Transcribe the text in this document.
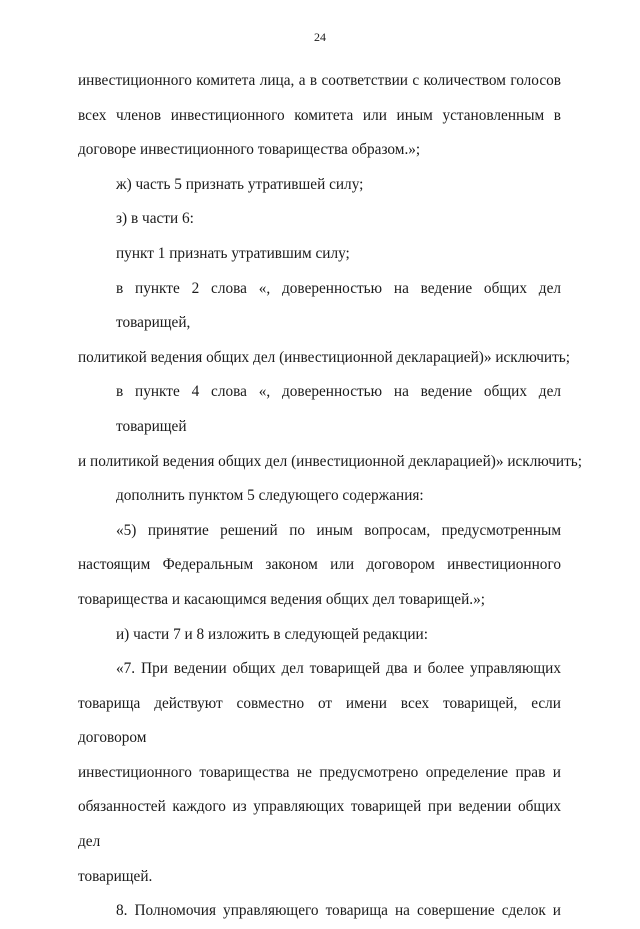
24
инвестиционного комитета лица, а в соответствии с количеством голосов
всех членов инвестиционного комитета или иным установленным в
договоре инвестиционного товарищества образом.»;
ж) часть 5 признать утратившей силу;
з) в части 6:
пункт 1 признать утратившим силу;
в пункте 2 слова «, доверенностью на ведение общих дел товарищей,
политикой ведения общих дел (инвестиционной декларацией)» исключить;
в пункте 4 слова «, доверенностью на ведение общих дел товарищей
и политикой ведения общих дел (инвестиционной декларацией)» исключить;
дополнить пунктом 5 следующего содержания:
«5) принятие решений по иным вопросам, предусмотренным
настоящим Федеральным законом или договором инвестиционного
товарищества и касающимся ведения общих дел товарищей.»;
и) части 7 и 8 изложить в следующей редакции:
«7. При ведении общих дел товарищей два и более управляющих
товарища действуют совместно от имени всех товарищей, если договором
инвестиционного товарищества не предусмотрено определение прав и
обязанностей каждого из управляющих товарищей при ведении общих дел
товарищей.
8. Полномочия управляющего товарища на совершение сделок и
